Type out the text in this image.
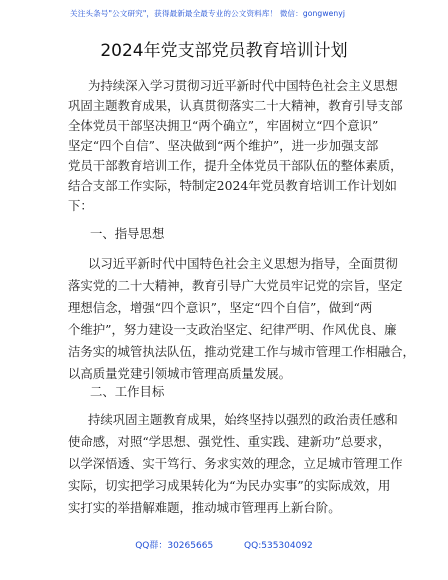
关注头条号"公文研究"，获得最新最全最专业的公文资料库！ 微信：gongwenyj
2024年党支部党员教育培训计划
为持续深入学习贯彻习近平新时代中国特色社会主义思想
巩固主题教育成果，认真贯彻落实二十大精神，教育引导支部
全体党员干部坚决拥卫“两个确立”，牢固树立“四个意识”
坚定“四个自信”、坚决做到“两个维护”，进一步加强支部
党员干部教育培训工作，提升全体党员干部队伍的整体素质，
结合支部工作实际，特制定2024年党员教育培训工作计划如
下：
一、指导思想
以习近平新时代中国特色社会主义思想为指导，全面贯彻
落实党的二十大精神，教育引导广大党员牢记党的宗旨，坚定
理想信念，增强“四个意识”，坚定“四个自信”，做到“两
个维护”，努力建设一支政治坚定、纪律严明、作风优良、廉
洁务实的城管执法队伍，推动党建工作与城市管理工作相融合，
以高质量党建引领城市管理高质量发展。
二、工作目标
持续巩固主题教育成果，始终坚持以强烈的政治责任感和
使命感，对照“学思想、强党性、重实践、建新功”总要求，
以学深悟透、实干笃行、务求实效的理念，立足城市管理工作
实际，切实把学习成果转化为“为民办实事”的实际成效，用
实打实的举措解难题，推动城市管理再上新台阶。
QQ群：30265665	QQ:535304092
